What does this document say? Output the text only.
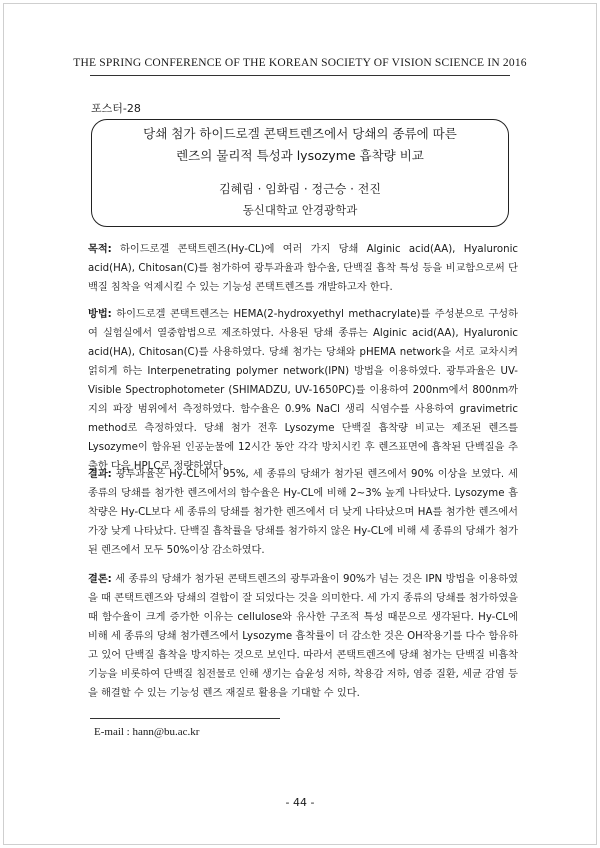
THE SPRING CONFERENCE OF THE KOREAN SOCIETY OF VISION SCIENCE IN 2016
포스터-28
당쇄 첨가 하이드로겔 콘택트렌즈에서 당쇄의 종류에 따른
렌즈의 물리적 특성과 lysozyme 흡착량 비교
김혜림 · 임화림 · 정근승 · 전진
동신대학교 안경광학과

목적: 하이드로겔 콘택트렌즈(Hy-CL)에 여러 가지 당쇄 Alginic acid(AA), Hyaluronic acid(HA), Chitosan(C)를 첨가하여 광투과율과 함수율, 단백질 흡착 특성 등을 비교함으로써 단백질 침착을 억제시킬 수 있는 기능성 콘택트렌즈를 개발하고자 한다.

방법: 하이드로겔 콘택트렌즈는 HEMA(2-hydroxyethyl methacrylate)를 주성분으로 구성하여 실험실에서 열중합법으로 제조하였다. 사용된 당쇄 종류는 Alginic acid(AA), Hyaluronic acid(HA), Chitosan(C)를 사용하였다. 당쇄 첨가는 당쇄와 pHEMA network을 서로 교차시켜 얽히게 하는 Interpenetrating polymer network(IPN) 방법을 이용하였다. 광투과율은 UV-Visible Spectrophotometer (SHIMADZU, UV-1650PC)를 이용하여 200nm에서 800nm까지의 파장 범위에서 측정하였다. 함수율은 0.9% NaCl 생리 식염수를 사용하여 gravimetric method로 측정하였다. 당쇄 첨가 전후 Lysozyme 단백질 흡착량 비교는 제조된 렌즈를 Lysozyme이 함유된 인공눈물에 12시간 동안 각각 방치시킨 후 렌즈표면에 흡착된 단백질을 추출한 다음 HPLC로 정량하였다.

결과: 광투과율은 Hy-CL에서 95%, 세 종류의 당쇄가 첨가된 렌즈에서 90% 이상을 보였다. 세 종류의 당쇄를 첨가한 렌즈에서의 함수율은 Hy-CL에 비해 2~3% 높게 나타났다. Lysozyme 흡착량은 Hy-CL보다 세 종류의 당쇄를 첨가한 렌즈에서 더 낮게 나타났으며 HA를 첨가한 렌즈에서 가장 낮게 나타났다. 단백질 흡착률을 당쇄를 첨가하지 않은 Hy-CL에 비해 세 종류의 당쇄가 첨가된 렌즈에서 모두 50%이상 감소하였다.

결론: 세 종류의 당쇄가 첨가된 콘택트렌즈의 광투과율이 90%가 넘는 것은 IPN 방법을 이용하였을 때 콘택트렌즈와 당쇄의 결합이 잘 되었다는 것을 의미한다. 세 가지 종류의 당쇄를 첨가하였을 때 함수율이 크게 증가한 이유는 cellulose와 유사한 구조적 특성 때문으로 생각된다. Hy-CL에 비해 세 종류의 당쇄 첨가렌즈에서 Lysozyme 흡착률이 더 감소한 것은 OH작용기를 다수 함유하고 있어 단백질 흡착을 방지하는 것으로 보인다. 따라서 콘택트렌즈에 당쇄 첨가는 단백질 비흡착 기능을 비롯하여 단백질 침전물로 인해 생기는 습윤성 저하, 착용감 저하, 염증 질환, 세균 감염 등을 해결할 수 있는 기능성 렌즈 재질로 활용을 기대할 수 있다.

E-mail : hann@bu.ac.kr
- 44 -
